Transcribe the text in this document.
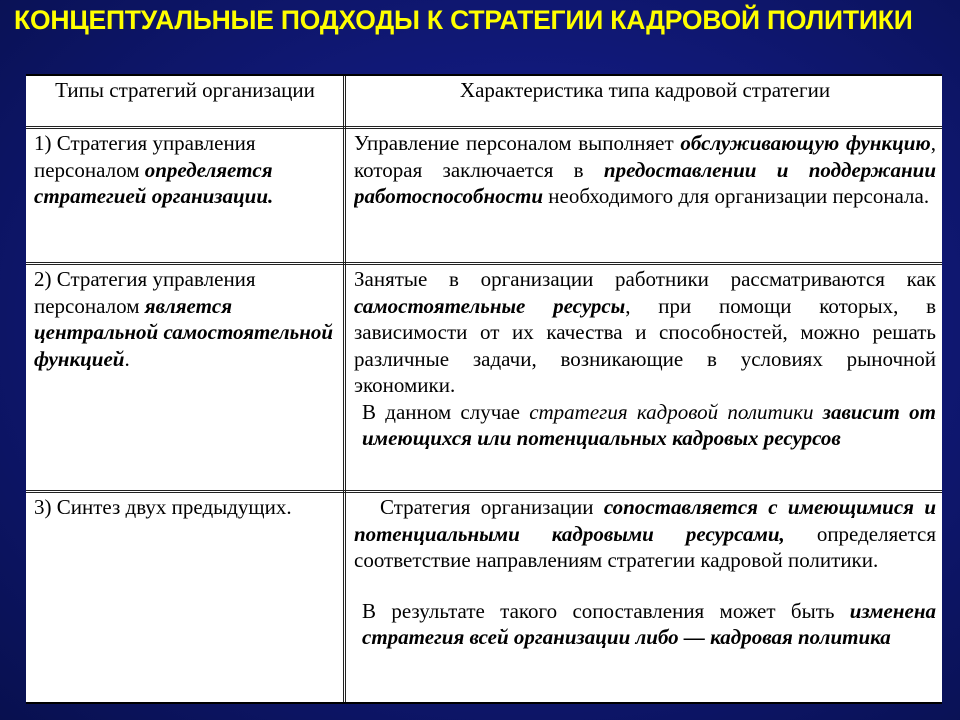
КОНЦЕПТУАЛЬНЫЕ ПОДХОДЫ К СТРАТЕГИИ КАДРОВОЙ ПОЛИТИКИ
Типы стратегий организации	Характеристика типа кадровой стратегии
1) Стратегия управления персоналом определяется стратегией организации.
Управление персоналом выполняет обслуживающую функцию, которая заключается в предоставлении и поддержании работоспособности необходимого для организации персонала.
2) Стратегия управления персоналом является центральной самостоятельной функцией.
Занятые в организации работники рассматриваются как самостоятельные ресурсы, при помощи которых, в зависимости от их качества и способностей, можно решать различные задачи, возникающие в условиях рыночной экономики.
В данном случае стратегия кадровой политики зависит от имеющихся или потенциальных кадровых ресурсов
3) Синтез двух предыдущих.	Стратегия организации сопоставляется с имеющимися и потенциальными кадровыми ресурсами, определяется соответствие направлениям стратегии кадровой политики.
В результате такого сопоставления может быть изменена стратегия всей организации либо — кадровая политика
